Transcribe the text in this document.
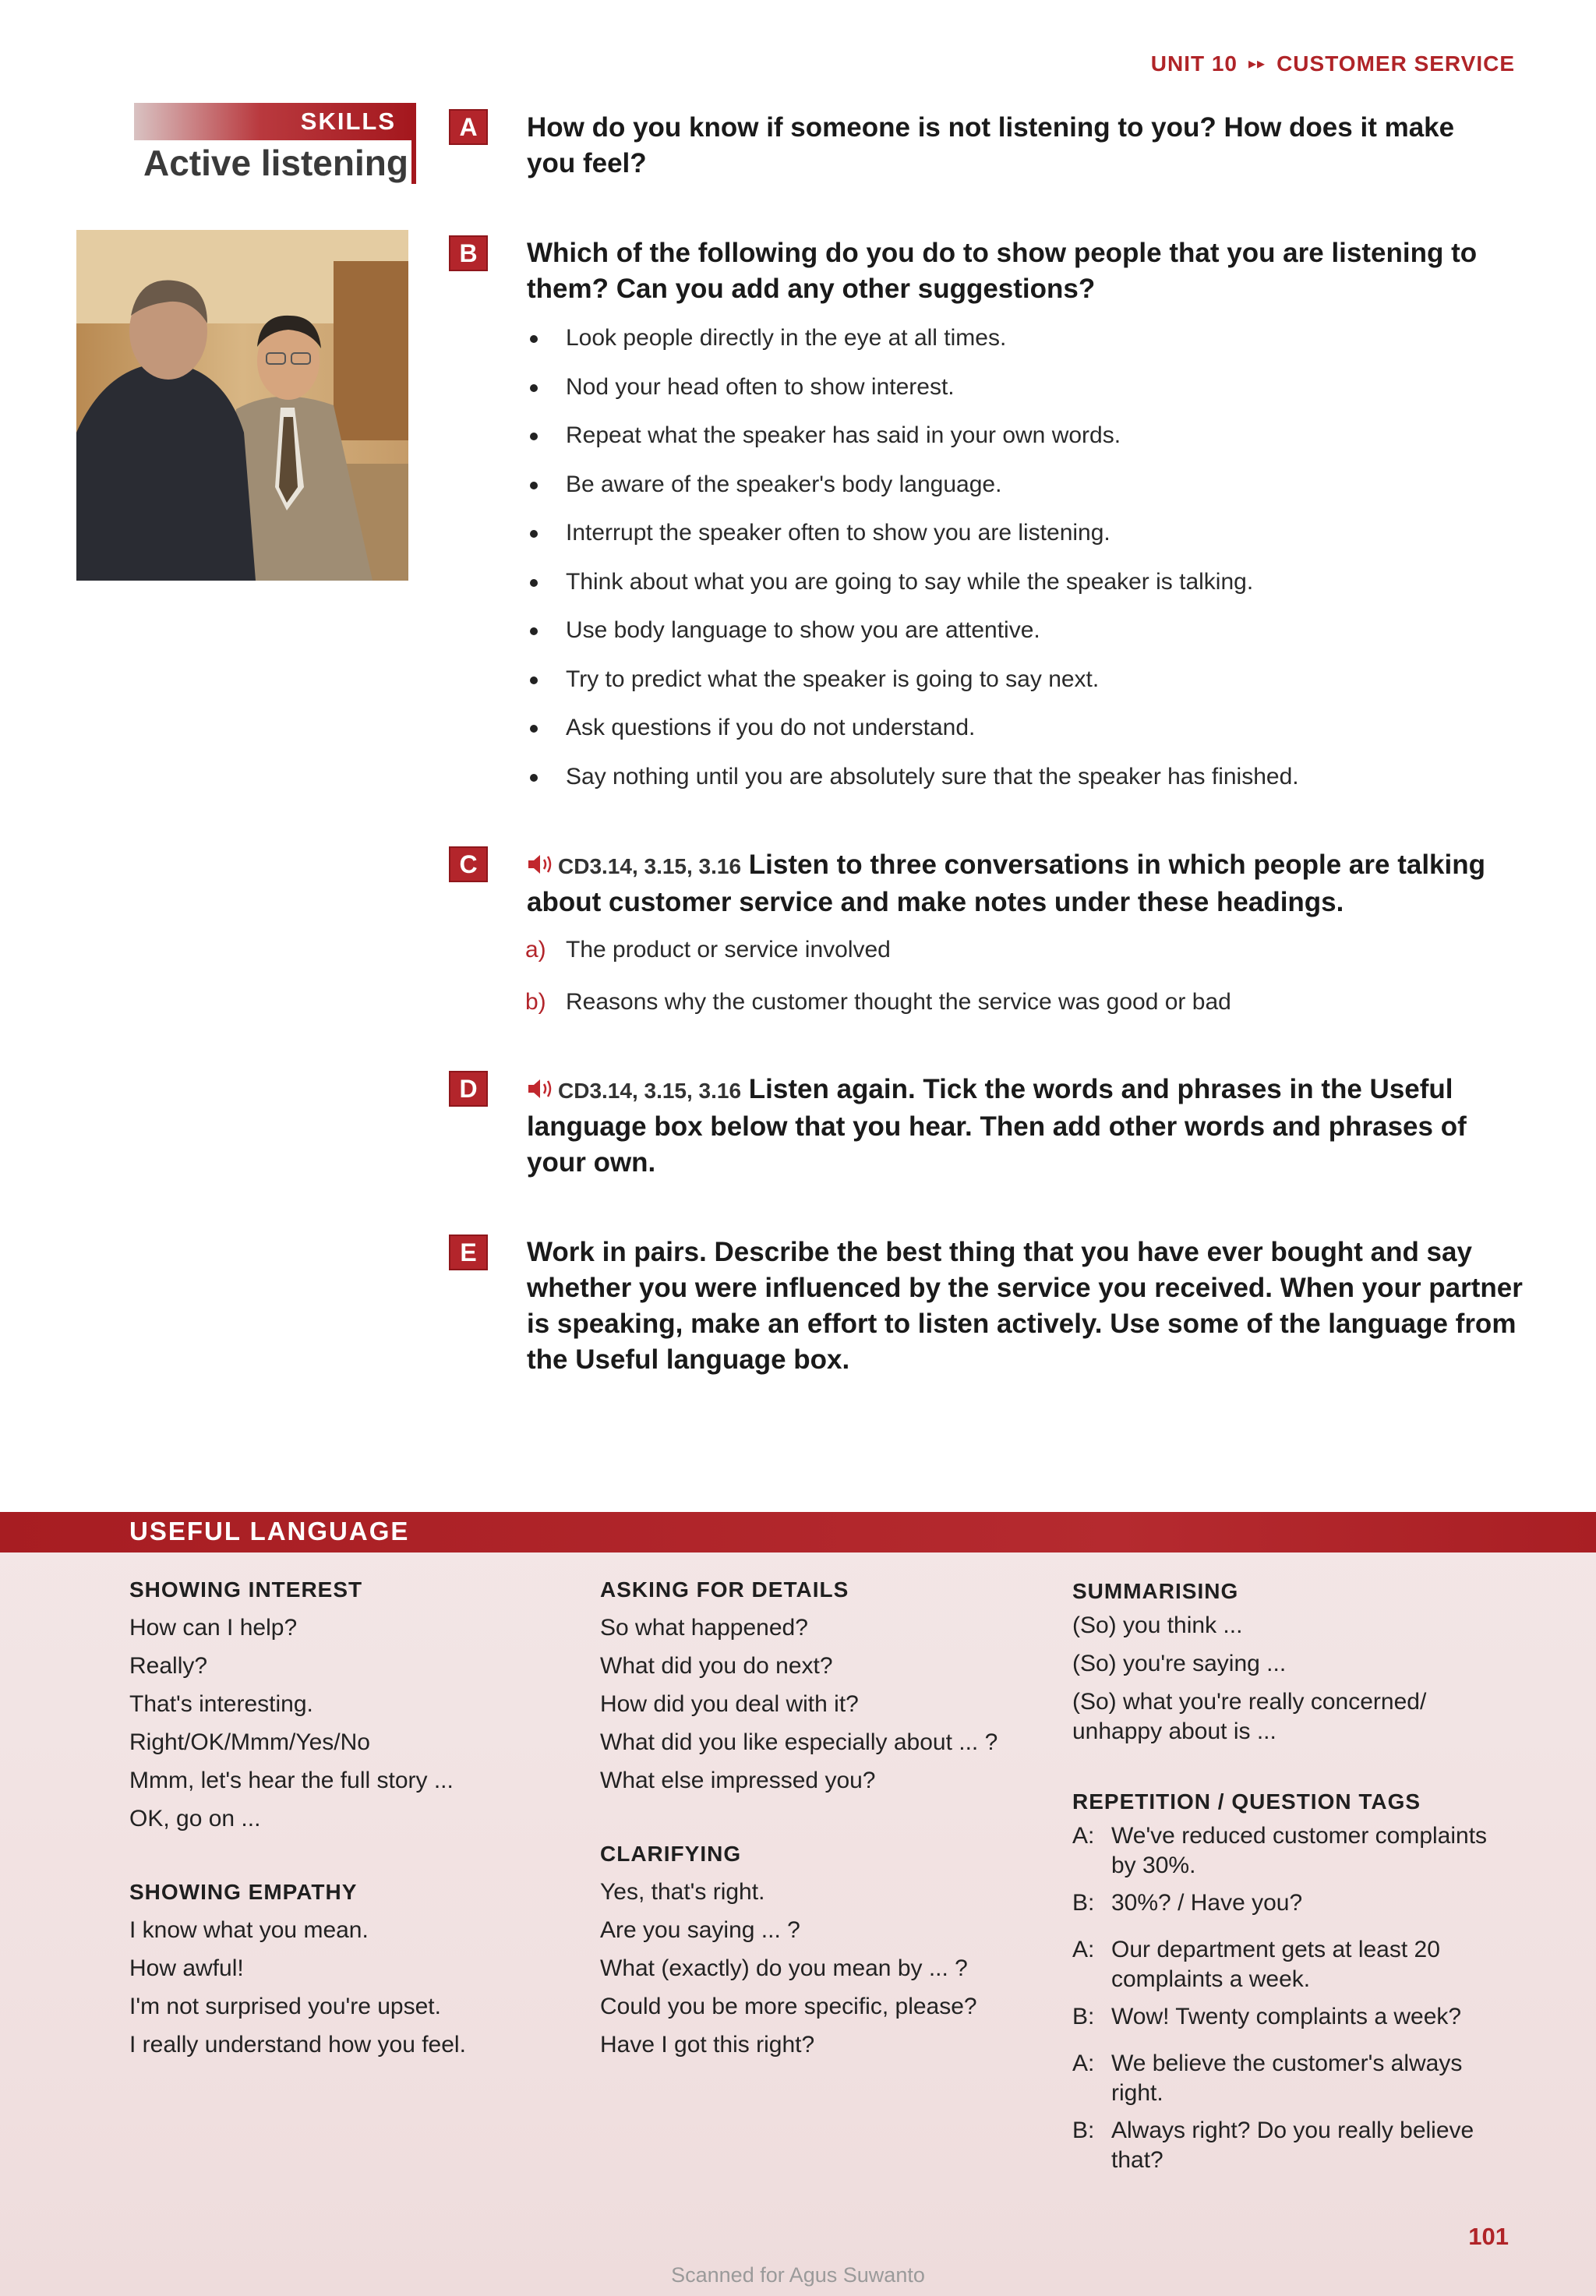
UNIT 10 ▸▸ CUSTOMER SERVICE
SKILLS
Active listening
A	How do you know if someone is not listening to you? How does it make you feel?
B	Which of the following do you do to show people that you are listening to them? Can you add any other suggestions?
Look people directly in the eye at all times.
Nod your head often to show interest.
Repeat what the speaker has said in your own words.
Be aware of the speaker's body language.
Interrupt the speaker often to show you are listening.
Think about what you are going to say while the speaker is talking.
Use body language to show you are attentive.
Try to predict what the speaker is going to say next.
Ask questions if you do not understand.
Say nothing until you are absolutely sure that the speaker has finished.
C	CD3.14, 3.15, 3.16 Listen to three conversations in which people are talking about customer service and make notes under these headings.
a) The product or service involved
b) Reasons why the customer thought the service was good or bad
D	CD3.14, 3.15, 3.16 Listen again. Tick the words and phrases in the Useful language box below that you hear. Then add other words and phrases of your own.
E	Work in pairs. Describe the best thing that you have ever bought and say whether you were influenced by the service you received. When your partner is speaking, make an effort to listen actively. Use some of the language from the Useful language box.
USEFUL LANGUAGE
SHOWING INTEREST
How can I help?
Really?
That's interesting.
Right/OK/Mmm/Yes/No
Mmm, let's hear the full story ...
OK, go on ...
SHOWING EMPATHY
I know what you mean.
How awful!
I'm not surprised you're upset.
I really understand how you feel.
ASKING FOR DETAILS
So what happened?
What did you do next?
How did you deal with it?
What did you like especially about ... ?
What else impressed you?
CLARIFYING
Yes, that's right.
Are you saying ... ?
What (exactly) do you mean by ... ?
Could you be more specific, please?
Have I got this right?
SUMMARISING
(So) you think ...
(So) you're saying ...
(So) what you're really concerned/ unhappy about is ...
REPETITION / QUESTION TAGS
A: We've reduced customer complaints by 30%.
B: 30%? / Have you?
A: Our department gets at least 20 complaints a week.
B: Wow! Twenty complaints a week?
A: We believe the customer's always right.
B: Always right? Do you really believe that?
101
Scanned for Agus Suwanto
